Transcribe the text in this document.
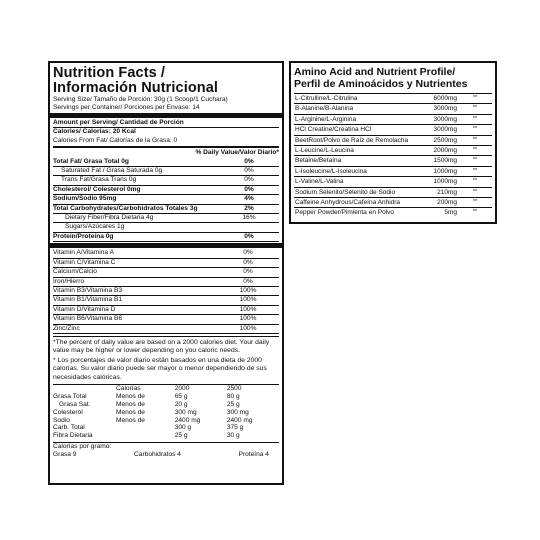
Nutrition Facts /
Información Nutricional
Serving Size/ Tamaño de Porción: 30g (1 Scoop/1 Cuchara)
Servings per Container/ Porciones per Envase: 14
Amount per Serving/ Cantidad de Porción
Calories/ Calorias: 20 Kcal
Calories From Fat/ Calorías de la Grasa: 0
% Daily Value/Valor Diario*
Total Fat/ Grasa Total 0g	0%
Saturated Fat / Grasa Saturada 0g	0%
Trans Fat/Grasa Trans 0g	0%
Cholesterol/ Colesterol 0mg	0%
Sodium/Sodio 95mg	4%
Total Carbohydrates/Carbohidratos Totales 3g	2%
Dietary Fiber/Fibra Dietaria 4g	16%
Sugars/Azúcares 1g
Protein/Proteína 0g	0%
Vitamin A/Vitamina A	0%
Vitamin C/Vitamina C	0%
Calcium/Calcio	0%
Iron/Hierro	0%
Vitamin B3/Vitamina B3	100%
Vitamin B1/Vitamina B1	100%
Vitamin D/Vitamina D	100%
Vitamin B6/Vitamina B6	100%
Zinc/Zinc	100%
*The percent of daily value are based on a 2000 calories diet. Your daily value may be higher or lower depending on you caloric needs.
* Los porcentajes de valor diario están basados en una dieta de 2000 calorías. Su valor diario puede ser mayor o menor dependiendo de sus necesidades calóricas.
	Calorías	2000	2500
Grasa Total	Menos de	65 g	80 g
Grasa Sat.	Menos de	20 g	25 g
Colesterol	Menos de	300 mg	300 mg
Sodio	Menos de	2400 mg	2400 mg
Carb. Total		300 g	375 g
Fibra Dietaria		25 g	30 g
Calorías por gramo:
Grasa 9	Carbohidratos 4	Proteína 4
Amino Acid and Nutrient Profile/
Perfil de Aminoácidos y Nutrientes
L-Citrulline/L-Citrulina	6000mg	**
B-Alanine/B-Alanina	3000mg	**
L-Arginine/L-Arginina	3000mg	**
HCl Creatine/Creatina HCl	3000mg	**
BeetRoot/Polvo de Raíz de Remolacha	2500mg	**
L-Leucine/L-Leucina	2000mg	**
Betaine/Betaína	1500mg	**
L-Isoleucine/L-Isoleucina	1000mg	**
L-Valine/L-Valina	1000mg	**
Sodium Selenito/Selenito de Sodio	210mg	**
Caffeine Anhydrous/Cafeína Anhidra	200mg	**
Pepper Powder/Pimienta en Polvo	5mg	**
